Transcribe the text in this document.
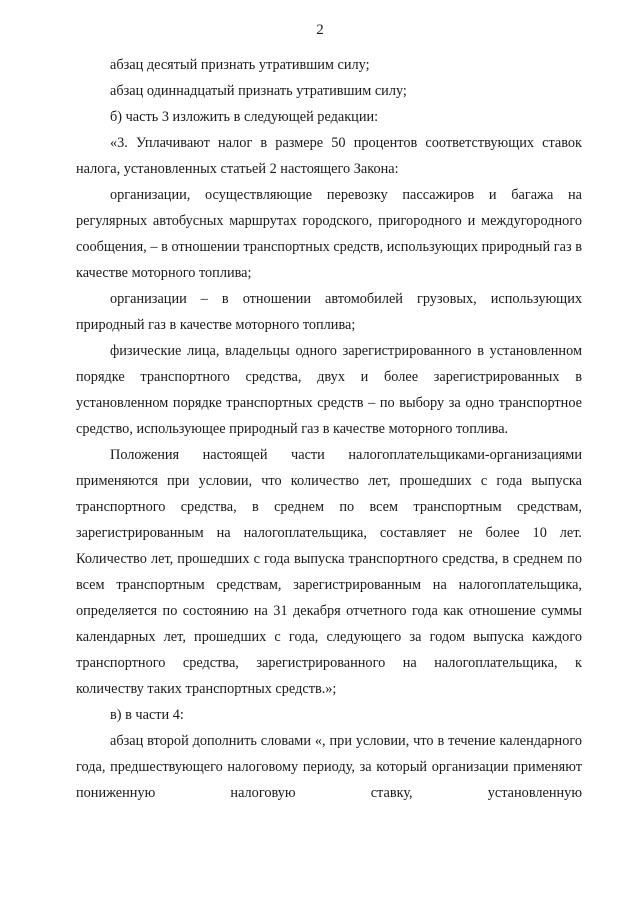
2

абзац десятый признать утратившим силу;

абзац одиннадцатый признать утратившим силу;

б) часть 3 изложить в следующей редакции:

«3. Уплачивают налог в размере 50 процентов соответствующих ставок налога, установленных статьей 2 настоящего Закона:

организации, осуществляющие перевозку пассажиров и багажа на регулярных автобусных маршрутах городского, пригородного и междугородного сообщения, – в отношении транспортных средств, использующих природный газ в качестве моторного топлива;

организации – в отношении автомобилей грузовых, использующих природный газ в качестве моторного топлива;

физические лица, владельцы одного зарегистрированного в установленном порядке транспортного средства, двух и более зарегистрированных в установленном порядке транспортных средств – по выбору за одно транспортное средство, использующее природный газ в качестве моторного топлива.

Положения настоящей части налогоплательщиками-организациями применяются при условии, что количество лет, прошедших с года выпуска транспортного средства, в среднем по всем транспортным средствам, зарегистрированным на налогоплательщика, составляет не более 10 лет. Количество лет, прошедших с года выпуска транспортного средства, в среднем по всем транспортным средствам, зарегистрированным на налогоплательщика, определяется по состоянию на 31 декабря отчетного года как отношение суммы календарных лет, прошедших с года, следующего за годом выпуска каждого транспортного средства, зарегистрированного на налогоплательщика, к количеству таких транспортных средств.»;

в) в части 4:

абзац второй дополнить словами «, при условии, что в течение календарного года, предшествующего налоговому периоду, за который организации применяют пониженную налоговую ставку, установленную
